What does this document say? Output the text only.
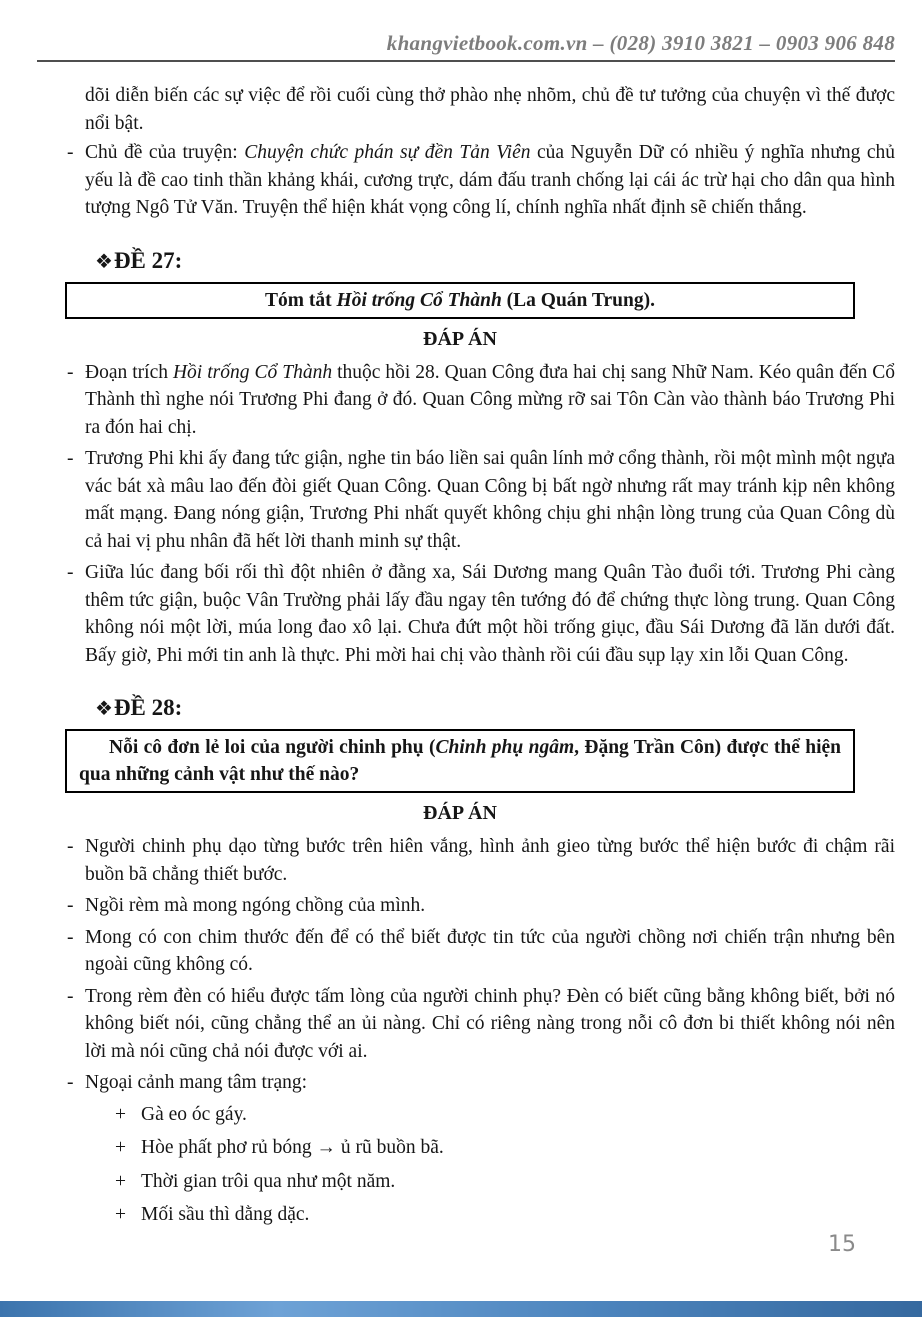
khangvietbook.com.vn – (028) 3910 3821 – 0903 906 848

dõi diễn biến các sự việc để rồi cuối cùng thở phào nhẹ nhõm, chủ đề tư tưởng của chuyện vì thế được nổi bật.

- Chủ đề của truyện: Chuyện chức phán sự đền Tản Viên của Nguyễn Dữ có nhiều ý nghĩa nhưng chủ yếu là đề cao tinh thần khảng khái, cương trực, dám đấu tranh chống lại cái ác trừ hại cho dân qua hình tượng Ngô Tử Văn. Truyện thể hiện khát vọng công lí, chính nghĩa nhất định sẽ chiến thắng.
❖ĐỀ 27:
Tóm tắt Hồi trống Cổ Thành (La Quán Trung).
ĐÁP ÁN
- Đoạn trích Hồi trống Cổ Thành thuộc hồi 28. Quan Công đưa hai chị sang Nhữ Nam. Kéo quân đến Cổ Thành thì nghe nói Trương Phi đang ở đó. Quan Công mừng rỡ sai Tôn Càn vào thành báo Trương Phi ra đón hai chị.
- Trương Phi khi ấy đang tức giận, nghe tin báo liền sai quân lính mở cổng thành, rồi một mình một ngựa vác bát xà mâu lao đến đòi giết Quan Công. Quan Công bị bất ngờ nhưng rất may tránh kịp nên không mất mạng. Đang nóng giận, Trương Phi nhất quyết không chịu ghi nhận lòng trung của Quan Công dù cả hai vị phu nhân đã hết lời thanh minh sự thật.
- Giữa lúc đang bối rối thì đột nhiên ở đằng xa, Sái Dương mang Quân Tào đuổi tới. Trương Phi càng thêm tức giận, buộc Vân Trường phải lấy đầu ngay tên tướng đó để chứng thực lòng trung. Quan Công không nói một lời, múa long đao xô lại. Chưa đứt một hồi trống giục, đầu Sái Dương đã lăn dưới đất. Bấy giờ, Phi mới tin anh là thực. Phi mời hai chị vào thành rồi cúi đầu sụp lạy xin lỗi Quan Công.
❖ĐỀ 28:
Nỗi cô đơn lẻ loi của người chinh phụ (Chinh phụ ngâm, Đặng Trần Côn) được thể hiện qua những cảnh vật như thế nào?
ĐÁP ÁN
- Người chinh phụ dạo từng bước trên hiên vắng, hình ảnh gieo từng bước thể hiện bước đi chậm rãi buồn bã chẳng thiết bước.
- Ngồi rèm mà mong ngóng chồng của mình.
- Mong có con chim thước đến để có thể biết được tin tức của người chồng nơi chiến trận nhưng bên ngoài cũng không có.
- Trong rèm đèn có hiểu được tấm lòng của người chinh phụ? Đèn có biết cũng bằng không biết, bởi nó không biết nói, cũng chẳng thể an ủi nàng. Chỉ có riêng nàng trong nỗi cô đơn bi thiết không nói nên lời mà nói cũng chả nói được với ai.
- Ngoại cảnh mang tâm trạng:
+ Gà eo óc gáy.
+ Hòe phất phơ rủ bóng → ủ rũ buồn bã.
+ Thời gian trôi qua như một năm.
+ Mối sầu thì dằng dặc.
15
